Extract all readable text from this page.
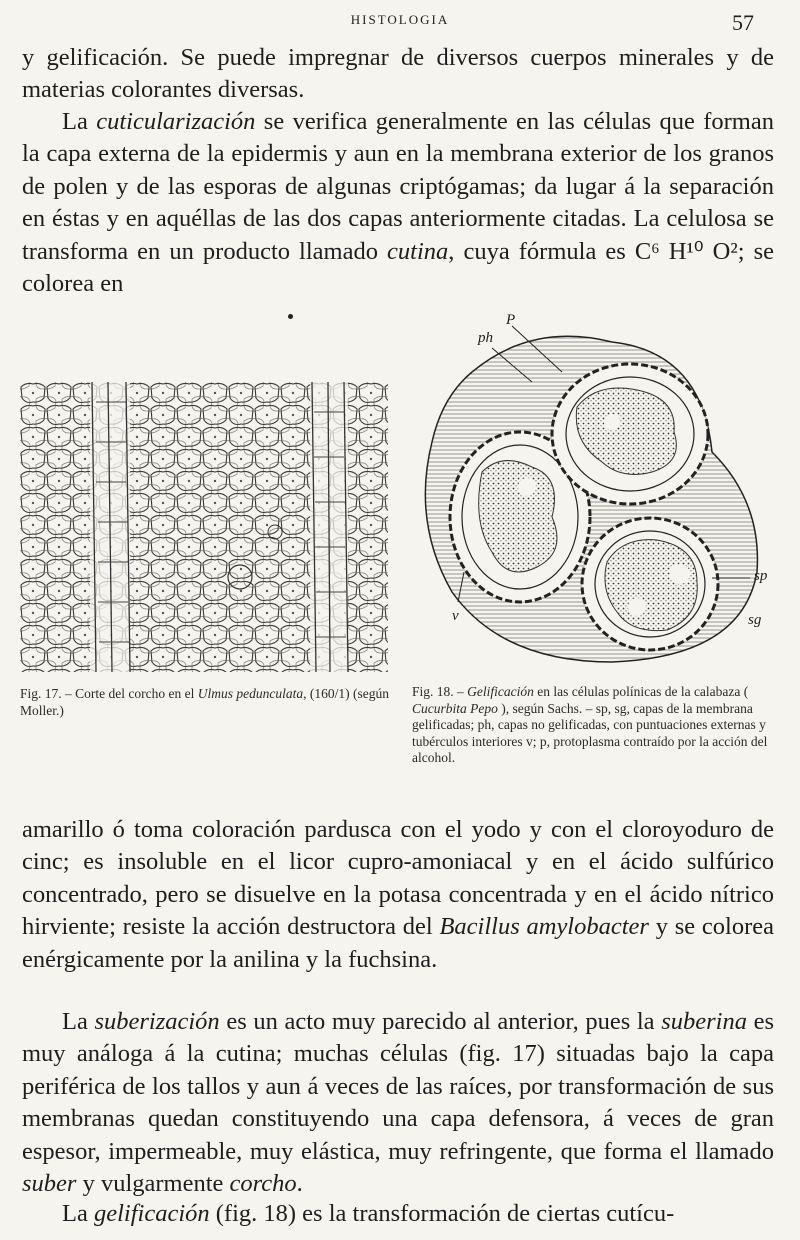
HISTOLOGIA	57

y gelificación. Se puede impregnar de diversos cuerpos minerales y de materias colorantes diversas.

La cuticularización se verifica generalmente en las células que forman la capa externa de la epidermis y aun en la membrana exterior de los granos de polen y de las esporas de algunas criptógamas; da lugar á la separación en éstas y en aquéllas de las dos capas anteriormente citadas. La celulosa se transforma en un producto llamado cutina, cuya fórmula es C⁶ H¹⁰ O²; se colorea en

P
ph
sp
sg
v
Fig. 17. – Corte del corcho en el Ulmus pedunculata, (160/1) (según Moller.)
Fig. 18. – Gelificación en las células polínicas de la calabaza ( Cucurbita Pepo ), según Sachs. – sp, sg, capas de la membrana gelificadas; ph, capas no gelificadas, con puntuaciones externas y tubérculos interiores v; p, protoplasma contraído por la acción del alcohol.

amarillo ó toma coloración pardusca con el yodo y con el cloroyoduro de cinc; es insoluble en el licor cupro-amoniacal y en el ácido sulfúrico concentrado, pero se disuelve en la potasa concentrada y en el ácido nítrico hirviente; resiste la acción destructora del Bacillus amylobacter y se colorea enérgicamente por la anilina y la fuchsina.

La suberización es un acto muy parecido al anterior, pues la suberina es muy análoga á la cutina; muchas células (fig. 17) situadas bajo la capa periférica de los tallos y aun á veces de las raíces, por transformación de sus membranas quedan constituyendo una capa defensora, á veces de gran espesor, impermeable, muy elástica, muy refringente, que forma el llamado suber y vulgarmente corcho.

La gelificación (fig. 18) es la transformación de ciertas cutícu-
